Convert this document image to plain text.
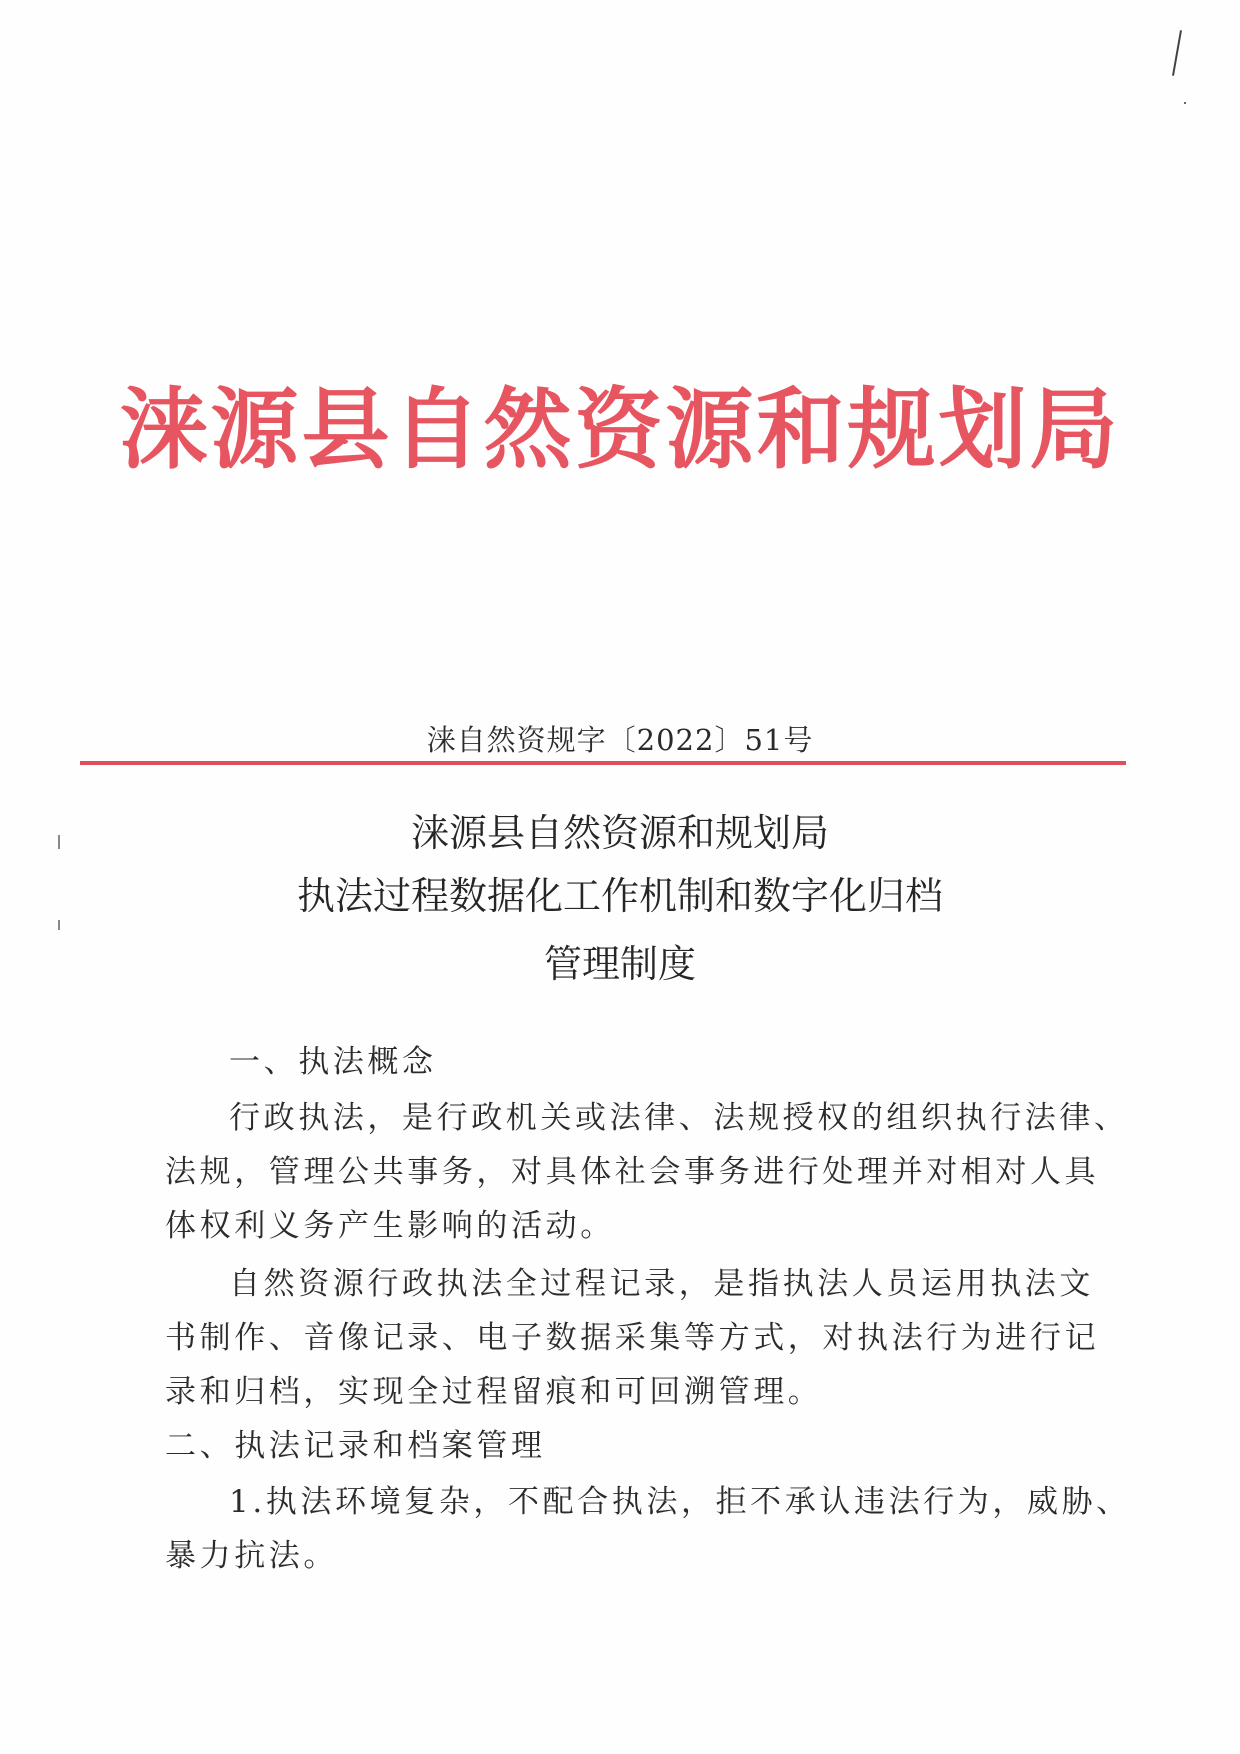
涞源县自然资源和规划局
涞自然资规字〔2022〕51号
涞源县自然资源和规划局
执法过程数据化工作机制和数字化归档
管理制度
一、执法概念
行政执法，是行政机关或法律、法规授权的组织执行法律、
法规，管理公共事务，对具体社会事务进行处理并对相对人具
体权利义务产生影响的活动。
自然资源行政执法全过程记录，是指执法人员运用执法文
书制作、音像记录、电子数据采集等方式，对执法行为进行记
录和归档，实现全过程留痕和可回溯管理。
二、执法记录和档案管理
1.执法环境复杂，不配合执法，拒不承认违法行为，威胁、
暴力抗法。
